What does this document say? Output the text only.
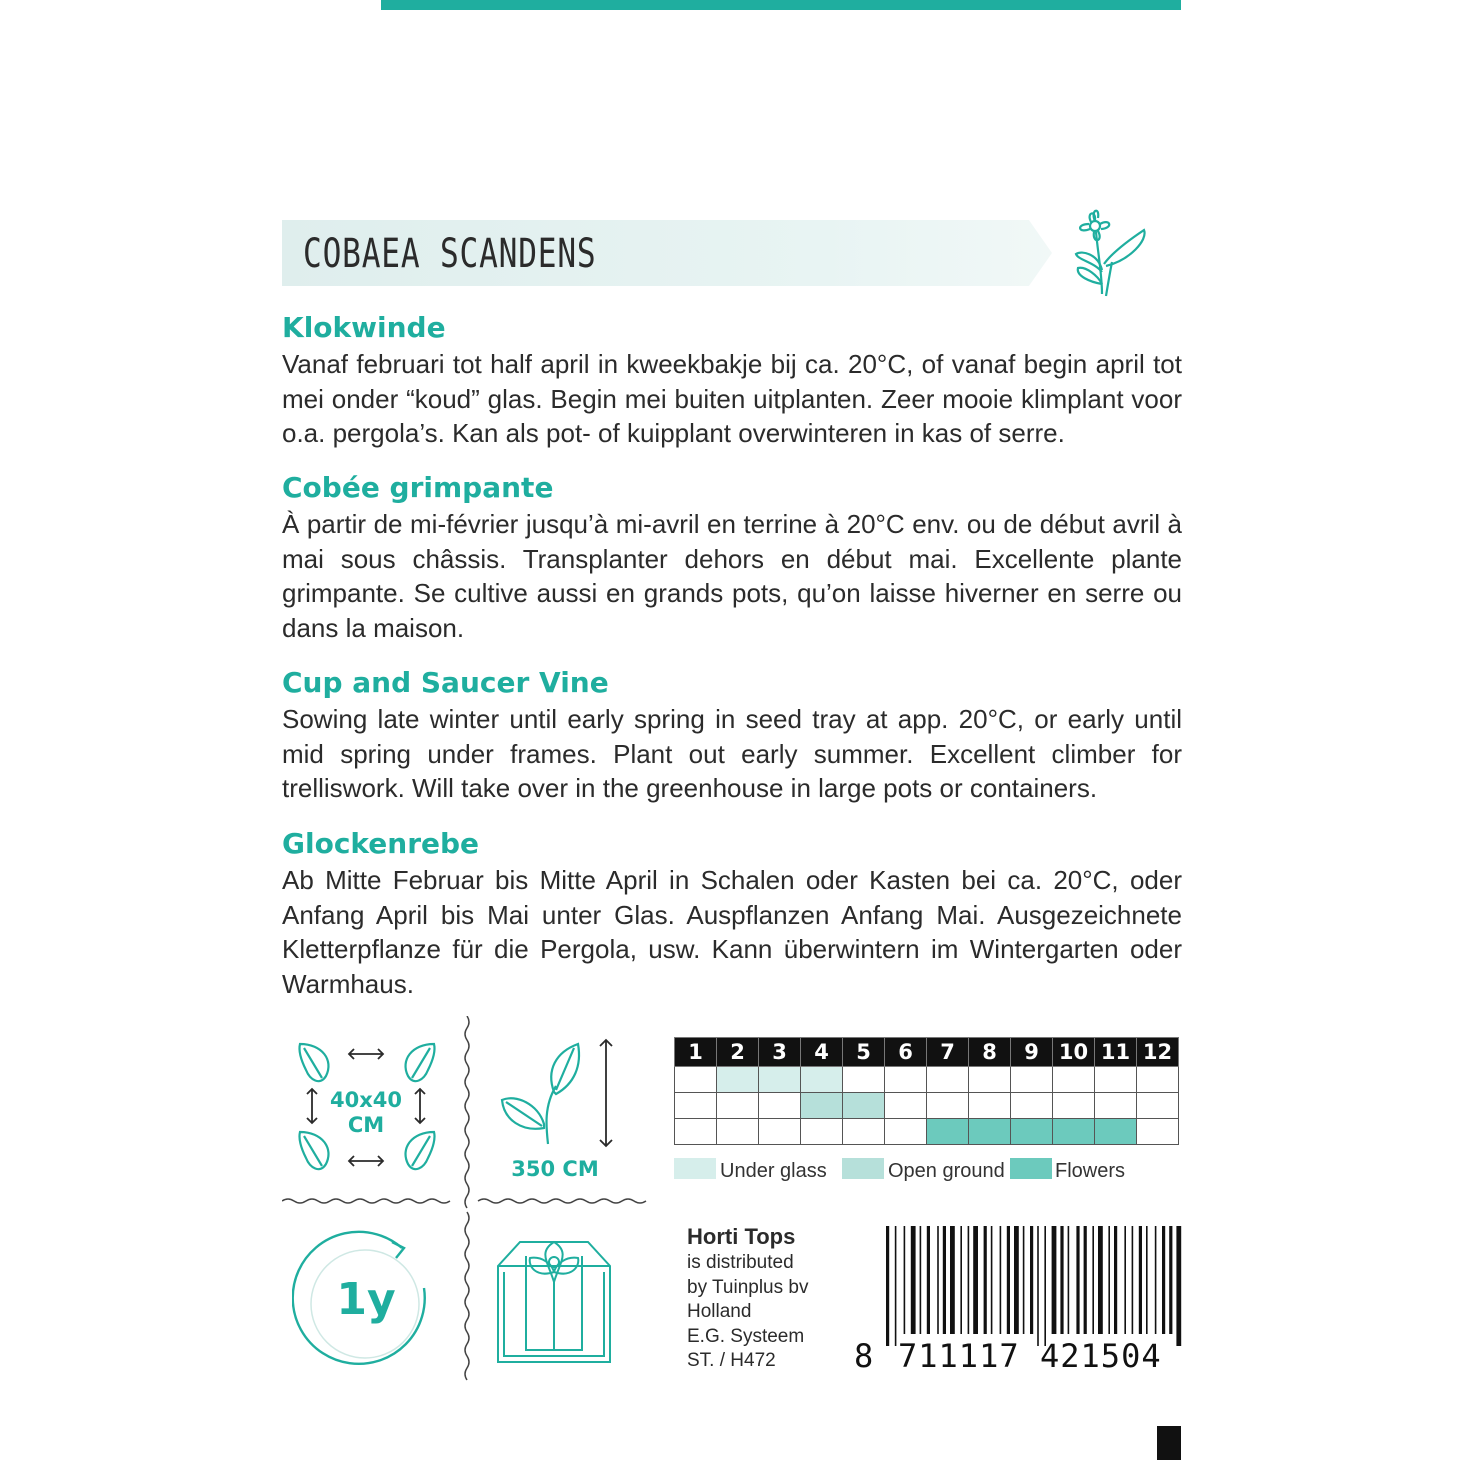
COBAEA SCANDENS
Klokwinde
Vanaf februari tot half april in kweekbakje bij ca. 20°C, of vanaf begin april tot mei onder “koud” glas. Begin mei buiten uitplanten. Zeer mooie klimplant voor o.a. pergola’s. Kan als pot- of kuipplant overwinteren in kas of serre.
Cobée grimpante
À partir de mi-février jusqu’à mi-avril en terrine à 20°C env. ou de début avril à mai sous châssis. Transplanter dehors en début mai. Excellente plante grimpante. Se cultive aussi en grands pots, qu’on laisse hiverner en serre ou dans la maison.
Cup and Saucer Vine
Sowing late winter until early spring in seed tray at app. 20°C, or early until mid spring under frames. Plant out early summer. Excellent climber for trelliswork. Will take over in the greenhouse in large pots or containers.
Glockenrebe
Ab Mitte Februar bis Mitte April in Schalen oder Kasten bei ca. 20°C, oder Anfang April bis Mai unter Glas. Auspflanzen Anfang Mai. Ausgezeichnete Kletterpflanze für die Pergola, usw. Kann überwintern im Wintergarten oder Warmhaus.
40x40
CM
350 CM
1y
1	2	3	4	5	6	7	8	9	10	11	12

Under glass	Open ground	Flowers
Horti Tops
is distributed
by Tuinplus bv
Holland
E.G. Systeem
ST. / H472 8 711117 421504
